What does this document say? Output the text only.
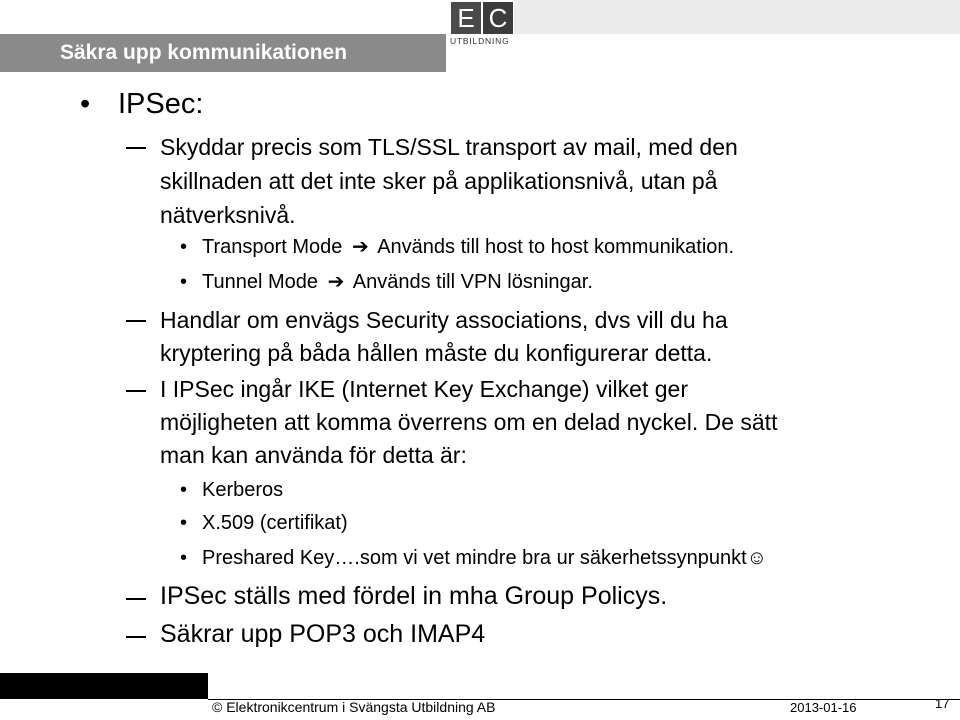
Säkra upp kommunikationen
E C
UTBILDNING
• IPSec:
Skyddar precis som TLS/SSL transport av mail, med den
skillnaden att det inte sker på applikationsnivå, utan på
nätverksnivå.
• Transport Mode ➔ Används till host to host kommunikation.
• Tunnel Mode ➔ Används till VPN lösningar.
Handlar om envägs Security associations, dvs vill du ha
kryptering på båda hållen måste du konfigurerar detta.
I IPSec ingår IKE (Internet Key Exchange) vilket ger
möjligheten att komma överrens om en delad nyckel. De sätt
man kan använda för detta är:
• Kerberos
• X.509 (certifikat)
• Preshared Key….som vi vet mindre bra ur säkerhetssynpunkt☺
IPSec ställs med fördel in mha Group Policys.
Säkrar upp POP3 och IMAP4
© Elektronikcentrum i Svängsta Utbildning AB	2013-01-16	17
